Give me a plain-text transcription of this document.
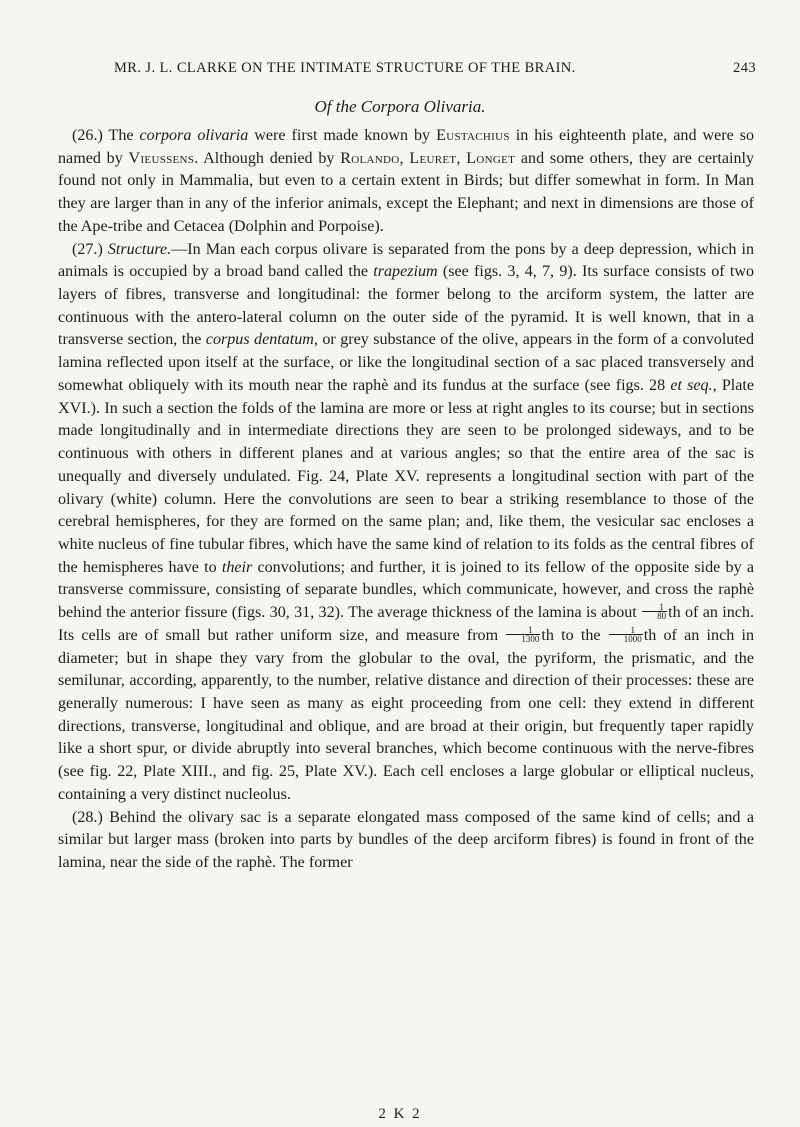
MR. J. L. CLARKE ON THE INTIMATE STRUCTURE OF THE BRAIN.	243
Of the Corpora Olivaria.

(26.) The corpora olivaria were first made known by Eustachius in his eighteenth plate, and were so named by Vieussens. Although denied by Rolando, Leuret, Longet and some others, they are certainly found not only in Mammalia, but even to a certain extent in Birds; but differ somewhat in form. In Man they are larger than in any of the inferior animals, except the Elephant; and next in dimensions are those of the Ape-tribe and Cetacea (Dolphin and Porpoise).

(27.) Structure.—In Man each corpus olivare is separated from the pons by a deep depression, which in animals is occupied by a broad band called the trapezium (see figs. 3, 4, 7, 9). Its surface consists of two layers of fibres, transverse and longitudinal: the former belong to the arciform system, the latter are continuous with the antero-lateral column on the outer side of the pyramid. It is well known, that in a transverse section, the corpus dentatum, or grey substance of the olive, appears in the form of a convoluted lamina reflected upon itself at the surface, or like the longitudinal section of a sac placed transversely and somewhat obliquely with its mouth near the raphè and its fundus at the surface (see figs. 28 et seq., Plate XVI.). In such a section the folds of the lamina are more or less at right angles to its course; but in sections made longitudinally and in intermediate directions they are seen to be prolonged sideways, and to be continuous with others in different planes and at various angles; so that the entire area of the sac is unequally and diversely undulated. Fig. 24, Plate XV. represents a longitudinal section with part of the olivary (white) column. Here the convolutions are seen to bear a striking resemblance to those of the cerebral hemispheres, for they are formed on the same plan; and, like them, the vesicular sac encloses a white nucleus of fine tubular fibres, which have the same kind of relation to its folds as the central fibres of the hemispheres have to their convolutions; and further, it is joined to its fellow of the opposite side by a transverse commissure, consisting of separate bundles, which communicate, however, and cross the raphè behind the anterior fissure (figs. 30, 31, 32). The average thickness of the lamina is about $\frac{1}{80}$ th of an inch. Its cells are of small but rather uniform size, and measure from $\frac{1}{1300}$ th to the $\frac{1}{1000}$ th of an inch in diameter; but in shape they vary from the globular to the oval, the pyriform, the prismatic, and the semilunar, according, apparently, to the number, relative distance and direction of their processes: these are generally numerous: I have seen as many as eight proceeding from one cell: they extend in different directions, transverse, longitudinal and oblique, and are broad at their origin, but frequently taper rapidly like a short spur, or divide abruptly into several branches, which become continuous with the nerve-fibres (see fig. 22, Plate XIII., and fig. 25, Plate XV.). Each cell encloses a large globular or elliptical nucleus, containing a very distinct nucleolus.

(28.) Behind the olivary sac is a separate elongated mass composed of the same kind of cells; and a similar but larger mass (broken into parts by bundles of the deep arciform fibres) is found in front of the lamina, near the side of the raphè. The former

2 K 2
